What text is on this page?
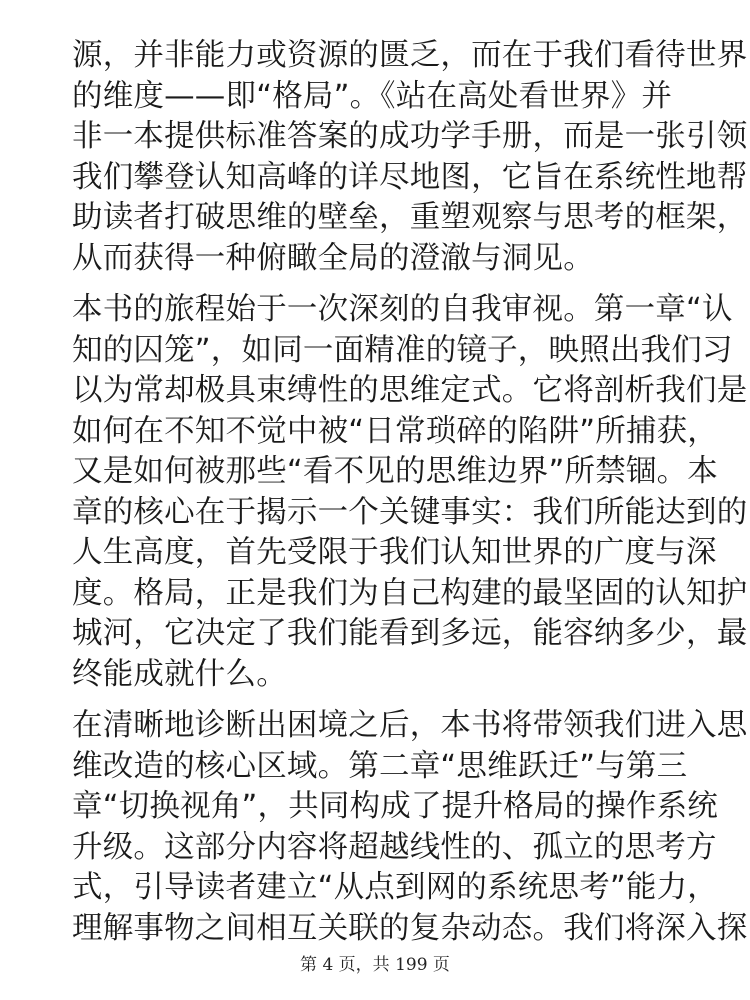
源，并非能力或资源的匮乏，而在于我们看待世界
的维度——即“格局”。《站在高处看世界》并
非一本提供标准答案的成功学手册，而是一张引领
我们攀登认知高峰的详尽地图，它旨在系统性地帮
助读者打破思维的壁垒，重塑观察与思考的框架，
从而获得一种俯瞰全局的澄澈与洞见。
本书的旅程始于一次深刻的自我审视。第一章“认
知的囚笼”，如同一面精准的镜子，映照出我们习
以为常却极具束缚性的思维定式。它将剖析我们是
如何在不知不觉中被“日常琐碎的陷阱”所捕获，
又是如何被那些“看不见的思维边界”所禁锢。本
章的核心在于揭示一个关键事实：我们所能达到的
人生高度，首先受限于我们认知世界的广度与深
度。格局，正是我们为自己构建的最坚固的认知护
城河，它决定了我们能看到多远，能容纳多少，最
终能成就什么。
在清晰地诊断出困境之后，本书将带领我们进入思
维改造的核心区域。第二章“思维跃迁”与第三
章“切换视角”，共同构成了提升格局的操作系统
升级。这部分内容将超越线性的、孤立的思考方
式，引导读者建立“从点到网的系统思考”能力，
理解事物之间相互关联的复杂动态。我们将深入探
第 4 页，共 199 页
